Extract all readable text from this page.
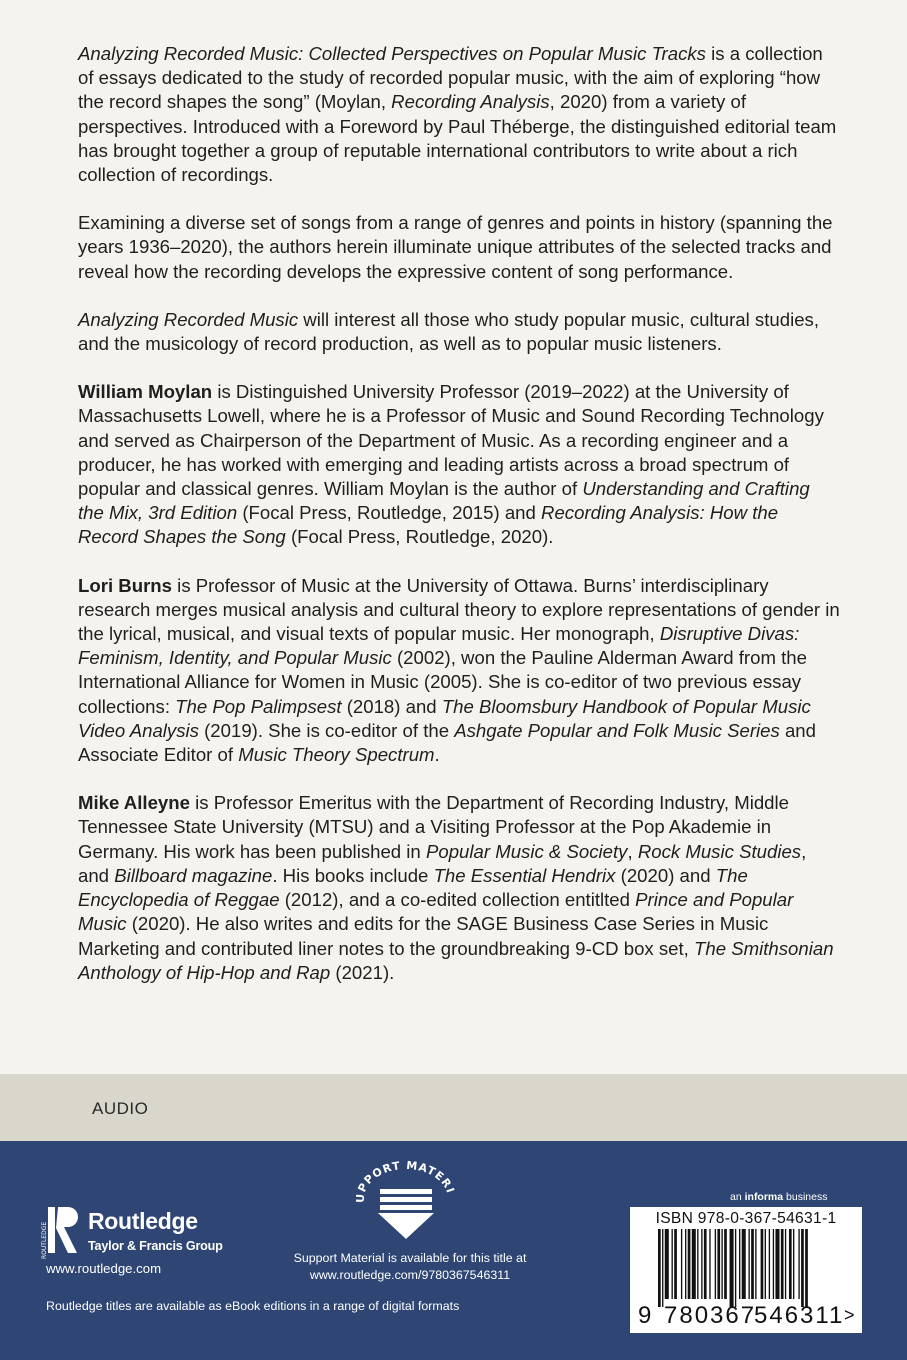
Analyzing Recorded Music: Collected Perspectives on Popular Music Tracks is a collection of essays dedicated to the study of recorded popular music, with the aim of exploring “how the record shapes the song” (Moylan, Recording Analysis, 2020) from a variety of perspectives. Introduced with a Foreword by Paul Théberge, the distinguished editorial team has brought together a group of reputable international contributors to write about a rich collection of recordings.

Examining a diverse set of songs from a range of genres and points in history (spanning the years 1936–2020), the authors herein illuminate unique attributes of the selected tracks and reveal how the recording develops the expressive content of song performance.

Analyzing Recorded Music will interest all those who study popular music, cultural studies, and the musicology of record production, as well as to popular music listeners.

William Moylan is Distinguished University Professor (2019–2022) at the University of Massachusetts Lowell, where he is a Professor of Music and Sound Recording Technology and served as Chairperson of the Department of Music. As a recording engineer and a producer, he has worked with emerging and leading artists across a broad spectrum of popular and classical genres. William Moylan is the author of Understanding and Crafting the Mix, 3rd Edition (Focal Press, Routledge, 2015) and Recording Analysis: How the Record Shapes the Song (Focal Press, Routledge, 2020).

Lori Burns is Professor of Music at the University of Ottawa. Burns’ interdisciplinary research merges musical analysis and cultural theory to explore representations of gender in the lyrical, musical, and visual texts of popular music. Her monograph, Disruptive Divas: Feminism, Identity, and Popular Music (2002), won the Pauline Alderman Award from the International Alliance for Women in Music (2005). She is co-editor of two previous essay collections: The Pop Palimpsest (2018) and The Bloomsbury Handbook of Popular Music Video Analysis (2019). She is co-editor of the Ashgate Popular and Folk Music Series and Associate Editor of Music Theory Spectrum.

Mike Alleyne is Professor Emeritus with the Department of Recording Industry, Middle Tennessee State University (MTSU) and a Visiting Professor at the Pop Akademie in Germany. His work has been published in Popular Music & Society, Rock Music Studies, and Billboard magazine. His books include The Essential Hendrix (2020) and The Encyclopedia of Reggae (2012), and a co-edited collection entitlted Prince and Popular Music (2020). He also writes and edits for the SAGE Business Case Series in Music Marketing and contributed liner notes to the groundbreaking 9-CD box set, The Smithsonian Anthology of Hip-Hop and Rap (2021).

AUDIO
ROUTLEDGE
Routledge
Taylor & Francis Group
www.routledge.com
Routledge titles are available as eBook editions in a range of digital formats
PPORT MATERI
Support Material is available for this title at
www.routledge.com/9780367546311
an informa business
ISBN 978-0-367-54631-1
9 780367
546311 >
